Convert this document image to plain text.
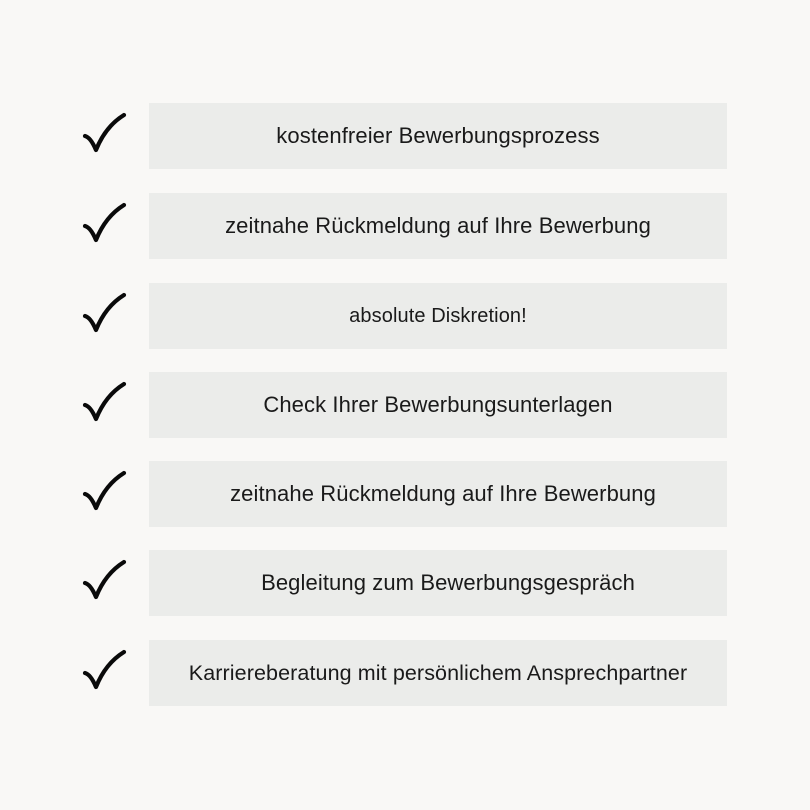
kostenfreier Bewerbungsprozess
zeitnahe Rückmeldung auf Ihre Bewerbung
absolute Diskretion!
Check Ihrer Bewerbungsunterlagen
zeitnahe Rückmeldung auf Ihre Bewerbung
Begleitung zum Bewerbungsgespräch
Karriereberatung mit persönlichem Ansprechpartner
